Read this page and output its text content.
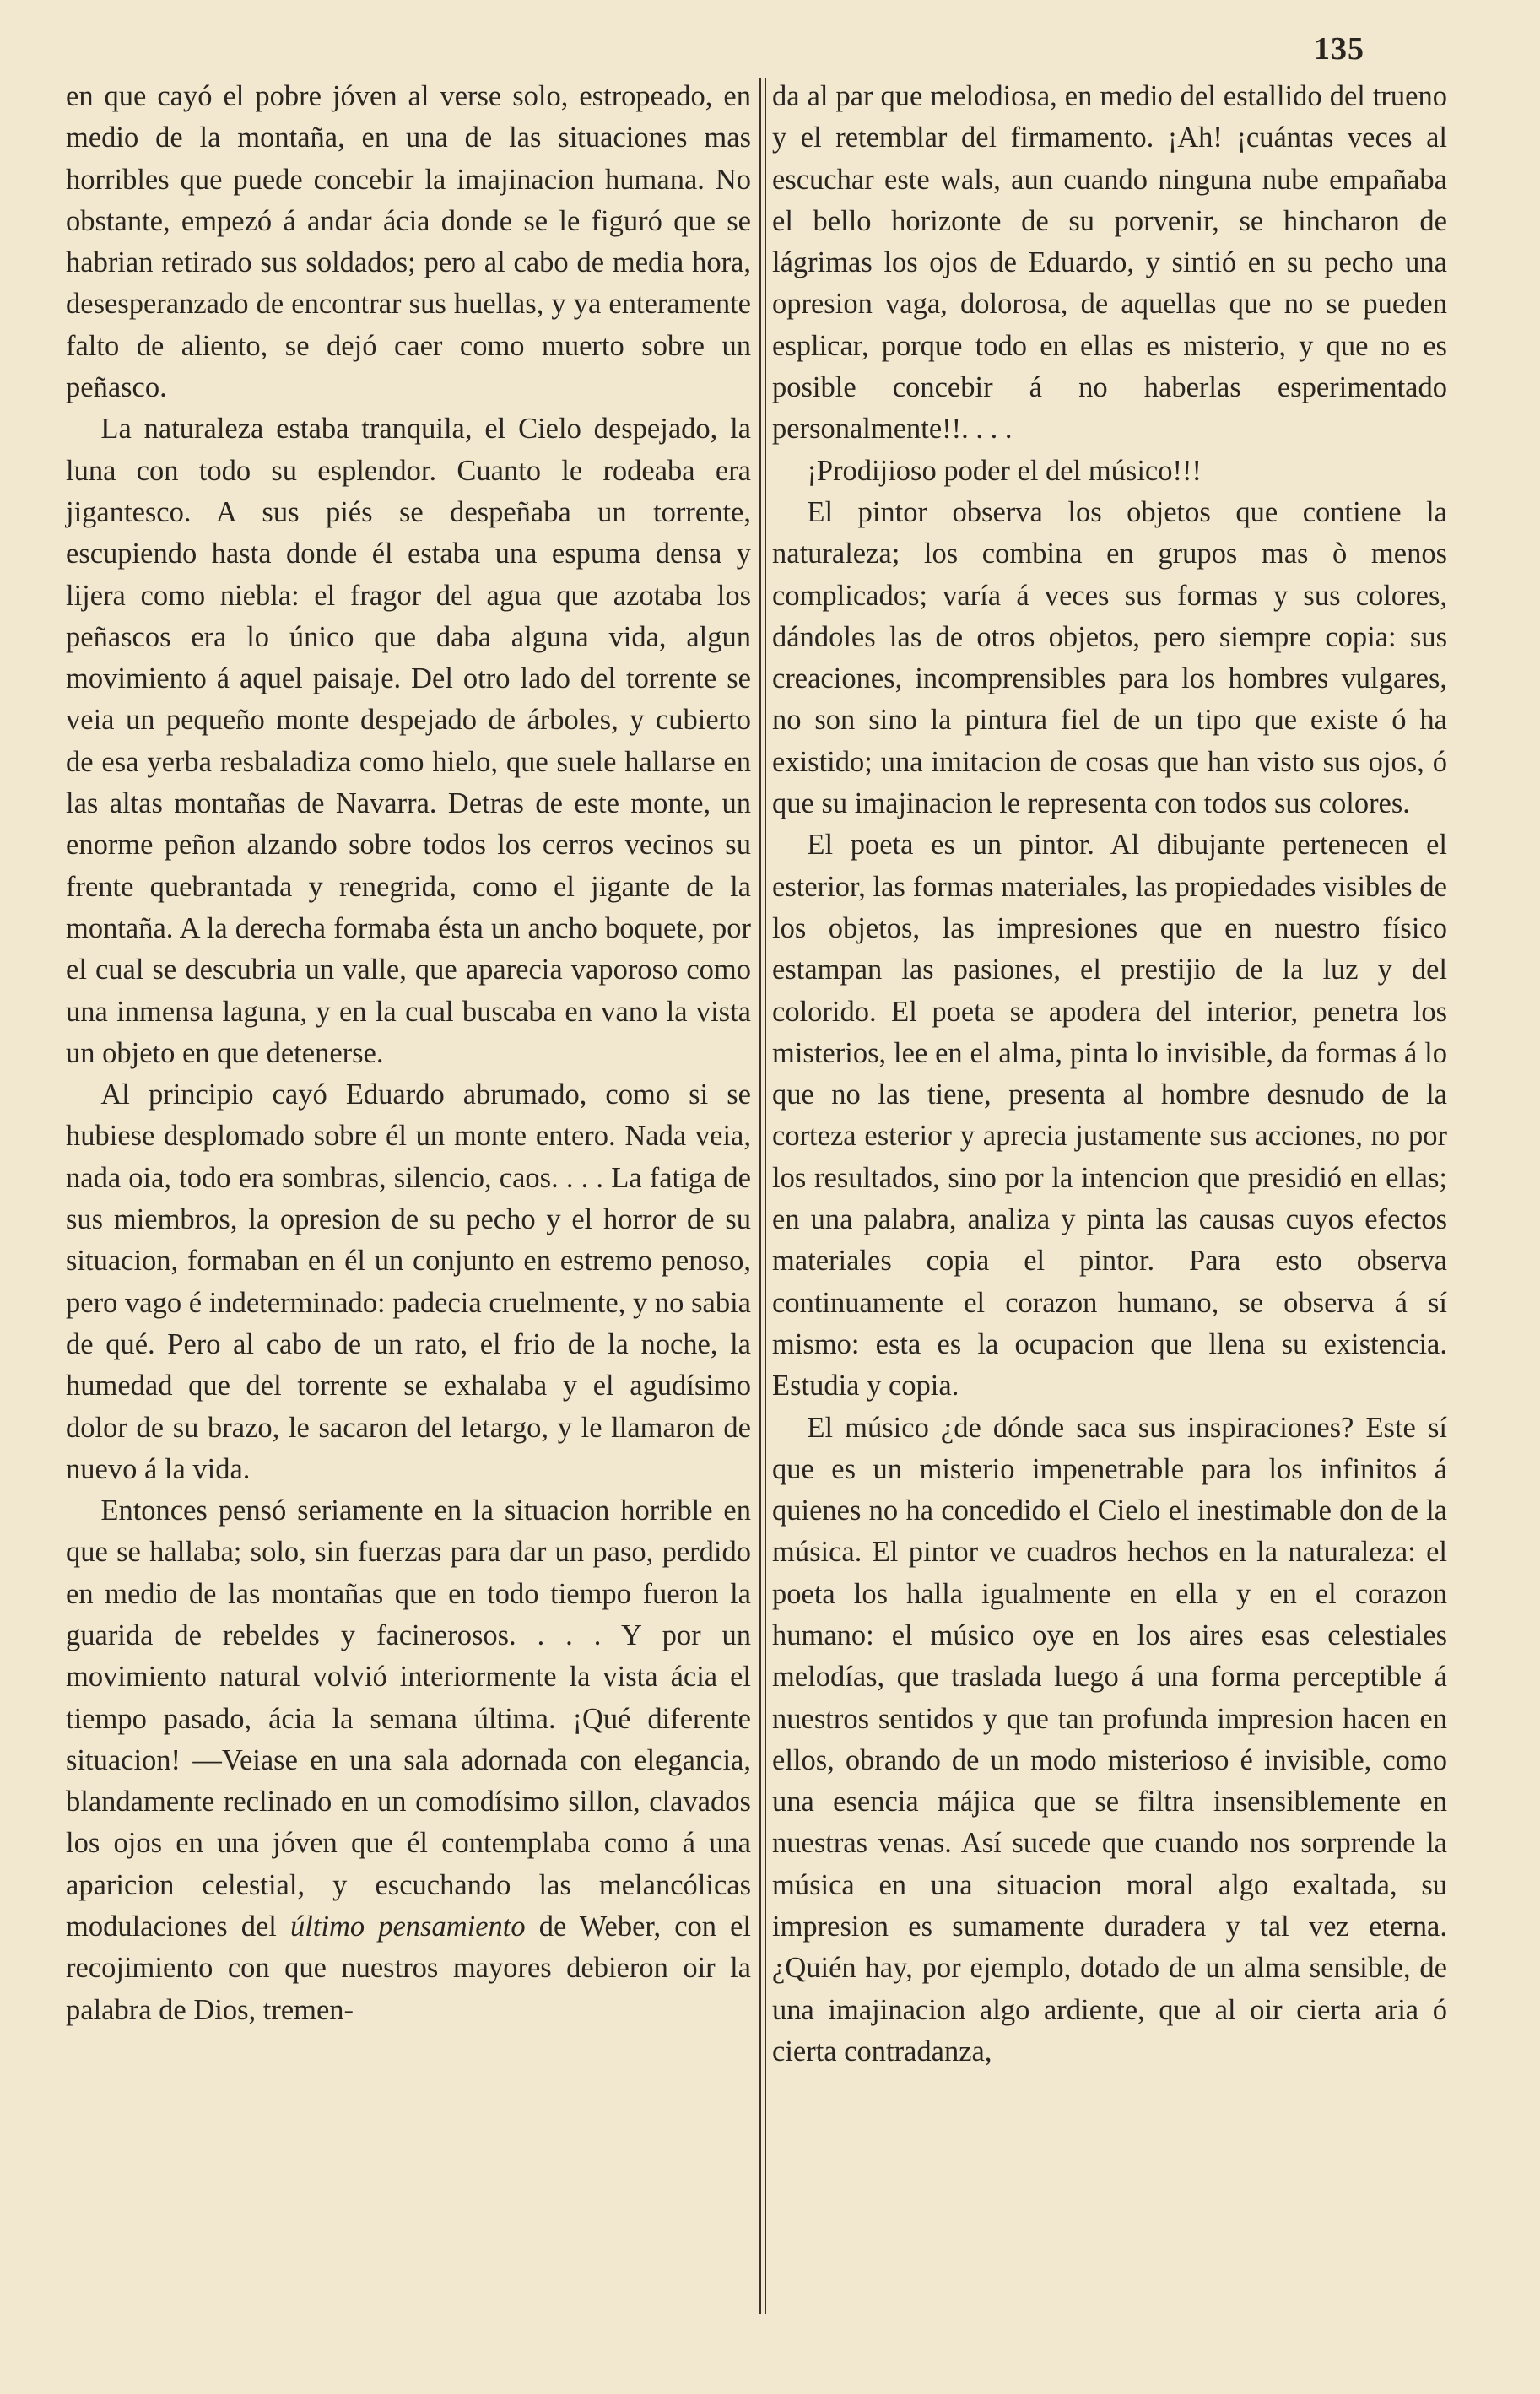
135

en que cayó el pobre jóven al verse solo, estropeado, en medio de la montaña, en una de las situaciones mas horribles que puede concebir la imajinacion humana. No obstante, empezó á andar ácia donde se le figuró que se habrian retirado sus soldados; pero al cabo de media hora, desesperanzado de encontrar sus huellas, y ya enteramente falto de aliento, se dejó caer como muerto sobre un peñasco.

La naturaleza estaba tranquila, el Cielo despejado, la luna con todo su esplendor. Cuanto le rodeaba era jigantesco. A sus piés se despeñaba un torrente, escupiendo hasta donde él estaba una espuma densa y lijera como niebla: el fragor del agua que azotaba los peñascos era lo único que daba alguna vida, algun movimiento á aquel paisaje. Del otro lado del torrente se veia un pequeño monte despejado de árboles, y cubierto de esa yerba resbaladiza como hielo, que suele hallarse en las altas montañas de Navarra. Detras de este monte, un enorme peñon alzando sobre todos los cerros vecinos su frente quebrantada y renegrida, como el jigante de la montaña. A la derecha formaba ésta un ancho boquete, por el cual se descubria un valle, que aparecia vaporoso como una inmensa laguna, y en la cual buscaba en vano la vista un objeto en que detenerse.

Al principio cayó Eduardo abrumado, como si se hubiese desplomado sobre él un monte entero. Nada veia, nada oia, todo era sombras, silencio, caos. . . . La fatiga de sus miembros, la opresion de su pecho y el horror de su situacion, formaban en él un conjunto en estremo penoso, pero vago é indeterminado: padecia cruelmente, y no sabia de qué. Pero al cabo de un rato, el frio de la noche, la humedad que del torrente se exhalaba y el agudísimo dolor de su brazo, le sacaron del letargo, y le llamaron de nuevo á la vida.

Entonces pensó seriamente en la situacion horrible en que se hallaba; solo, sin fuerzas para dar un paso, perdido en medio de las montañas que en todo tiempo fueron la guarida de rebeldes y facinerosos. . . . Y por un movimiento natural volvió interiormente la vista ácia el tiempo pasado, ácia la semana última. ¡Qué diferente situacion! —Veiase en una sala adornada con elegancia, blandamente reclinado en un comodísimo sillon, clavados los ojos en una jóven que él contemplaba como á una aparicion celestial, y escuchando las melancólicas modulaciones del último pensamiento de Weber, con el recojimiento con que nuestros mayores debieron oir la palabra de Dios, tremen-

da al par que melodiosa, en medio del estallido del trueno y el retemblar del firmamento. ¡Ah! ¡cuántas veces al escuchar este wals, aun cuando ninguna nube empañaba el bello horizonte de su porvenir, se hincharon de lágrimas los ojos de Eduardo, y sintió en su pecho una opresion vaga, dolorosa, de aquellas que no se pueden esplicar, porque todo en ellas es misterio, y que no es posible concebir á no haberlas esperimentado personalmente!!. . . .

¡Prodijioso poder el del músico!!!

El pintor observa los objetos que contiene la naturaleza; los combina en grupos mas ò menos complicados; varía á veces sus formas y sus colores, dándoles las de otros objetos, pero siempre copia: sus creaciones, incomprensibles para los hombres vulgares, no son sino la pintura fiel de un tipo que existe ó ha existido; una imitacion de cosas que han visto sus ojos, ó que su imajinacion le representa con todos sus colores.

El poeta es un pintor. Al dibujante pertenecen el esterior, las formas materiales, las propiedades visibles de los objetos, las impresiones que en nuestro físico estampan las pasiones, el prestijio de la luz y del colorido. El poeta se apodera del interior, penetra los misterios, lee en el alma, pinta lo invisible, da formas á lo que no las tiene, presenta al hombre desnudo de la corteza esterior y aprecia justamente sus acciones, no por los resultados, sino por la intencion que presidió en ellas; en una palabra, analiza y pinta las causas cuyos efectos materiales copia el pintor. Para esto observa continuamente el corazon humano, se observa á sí mismo: esta es la ocupacion que llena su existencia. Estudia y copia.

El músico ¿de dónde saca sus inspiraciones? Este sí que es un misterio impenetrable para los infinitos á quienes no ha concedido el Cielo el inestimable don de la música. El pintor ve cuadros hechos en la naturaleza: el poeta los halla igualmente en ella y en el corazon humano: el músico oye en los aires esas celestiales melodías, que traslada luego á una forma perceptible á nuestros sentidos y que tan profunda impresion hacen en ellos, obrando de un modo misterioso é invisible, como una esencia májica que se filtra insensiblemente en nuestras venas. Así sucede que cuando nos sorprende la música en una situacion moral algo exaltada, su impresion es sumamente duradera y tal vez eterna. ¿Quién hay, por ejemplo, dotado de un alma sensible, de una imajinacion algo ardiente, que al oir cierta aria ó cierta contradanza,
